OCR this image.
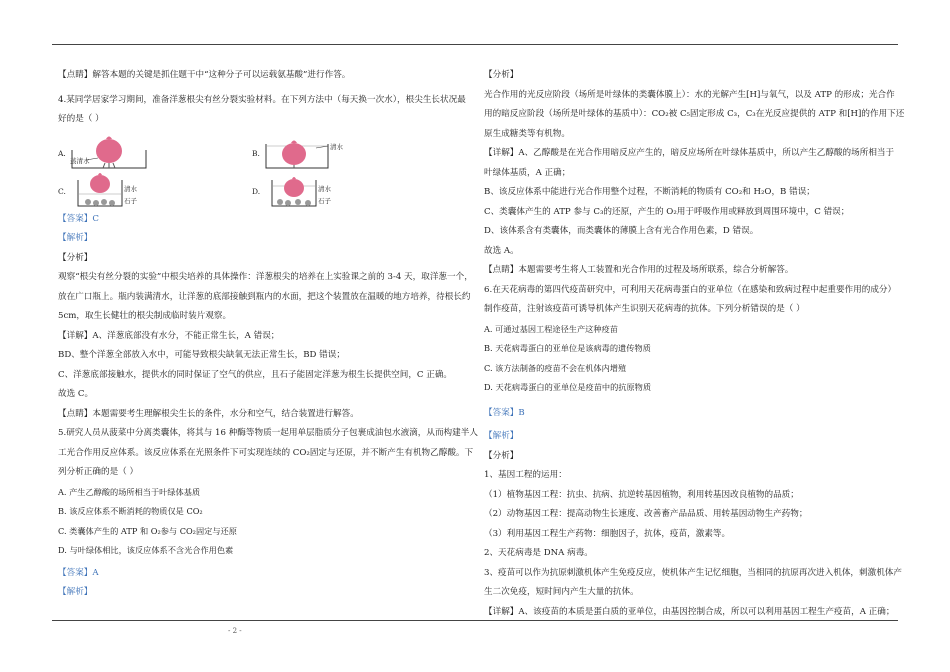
【点睛】解答本题的关键是抓住题干中“这种分子可以运载氨基酸”进行作答。

4.某同学居家学习期间，准备洋葱根尖有丝分裂实验材料。在下列方法中（每天换一次水），根尖生长状况最

好的是（ ）

A.
蒸清水
B.
清水
C.	清水
石子
D.	清水
石子

【答案】C

【解析】

【分析】

观察“根尖有丝分裂的实验”中根尖培养的具体操作：洋葱根尖的培养在上实验课之前的 3-4 天，取洋葱一个，

放在广口瓶上。瓶内装满清水，让洋葱的底部接触到瓶内的水面，把这个装置放在温暖的地方培养，待根长约

5cm，取生长健壮的根尖制成临时装片观察。

【详解】A、洋葱底部没有水分，不能正常生长，A 错误；

BD、整个洋葱全部放入水中，可能导致根尖缺氧无法正常生长，BD 错误；

C、洋葱底部接触水，提供水的同时保证了空气的供应，且石子能固定洋葱为根生长提供空间，C 正确。

故选 C。

【点睛】本题需要考生理解根尖生长的条件，水分和空气，结合装置进行解答。

5.研究人员从菠菜中分离类囊体，将其与 16 种酶等物质一起用单层脂质分子包裹成油包水液滴，从而构建半人

工光合作用反应体系。该反应体系在光照条件下可实现连续的 CO₂固定与还原，并不断产生有机物乙醇酸。下

列分析正确的是（ ）

A. 产生乙醇酸的场所相当于叶绿体基质

B. 该反应体系不断消耗的物质仅是 CO₂

C. 类囊体产生的 ATP 和 O₂参与 CO₂固定与还原

D. 与叶绿体相比，该反应体系不含光合作用色素

【答案】A

【解析】

【分析】

光合作用的光反应阶段（场所是叶绿体的类囊体膜上）：水的光解产生[H]与氧气，以及 ATP 的形成；光合作

用的暗反应阶段（场所是叶绿体的基质中）：CO₂被 C₅固定形成 C₃，C₃在光反应提供的 ATP 和[H]的作用下还

原生成糖类等有机物。

【详解】A、乙醇酸是在光合作用暗反应产生的，暗反应场所在叶绿体基质中，所以产生乙醇酸的场所相当于

叶绿体基质，A 正确；

B、该反应体系中能进行光合作用整个过程，不断消耗的物质有 CO₂和 H₂O，B 错误；

C、类囊体产生的 ATP 参与 C₃的还原，产生的 O₂用于呼吸作用或释放到周围环境中，C 错误；

D、该体系含有类囊体，而类囊体的薄膜上含有光合作用色素，D 错误。

故选 A。

【点睛】本题需要考生将人工装置和光合作用的过程及场所联系，综合分析解答。

6.在天花病毒的第四代疫苗研究中，可利用天花病毒蛋白的亚单位（在感染和致病过程中起重要作用的成分）

制作疫苗，注射该疫苗可诱导机体产生识别天花病毒的抗体。下列分析错误的是（ ）

A. 可通过基因工程途径生产这种疫苗

B. 天花病毒蛋白的亚单位是该病毒的遗传物质

C. 该方法制备的疫苗不会在机体内增殖

D. 天花病毒蛋白的亚单位是疫苗中的抗原物质

【答案】B

【解析】

【分析】

1、基因工程的运用：

（1）植物基因工程：抗虫、抗病、抗逆转基因植物，利用转基因改良植物的品质；

（2）动物基因工程：提高动物生长速度、改善畜产品品质、用转基因动物生产药物；

（3）利用基因工程生产药物：细胞因子，抗体，疫苗，激素等。

2、天花病毒是 DNA 病毒。

3、疫苗可以作为抗原刺激机体产生免疫反应，使机体产生记忆细胞，当相同的抗原再次进入机体，刺激机体产

生二次免疫，短时间内产生大量的抗体。

【详解】A、该疫苗的本质是蛋白质的亚单位，由基因控制合成，所以可以利用基因工程生产疫苗，A 正确；

- 2 -
